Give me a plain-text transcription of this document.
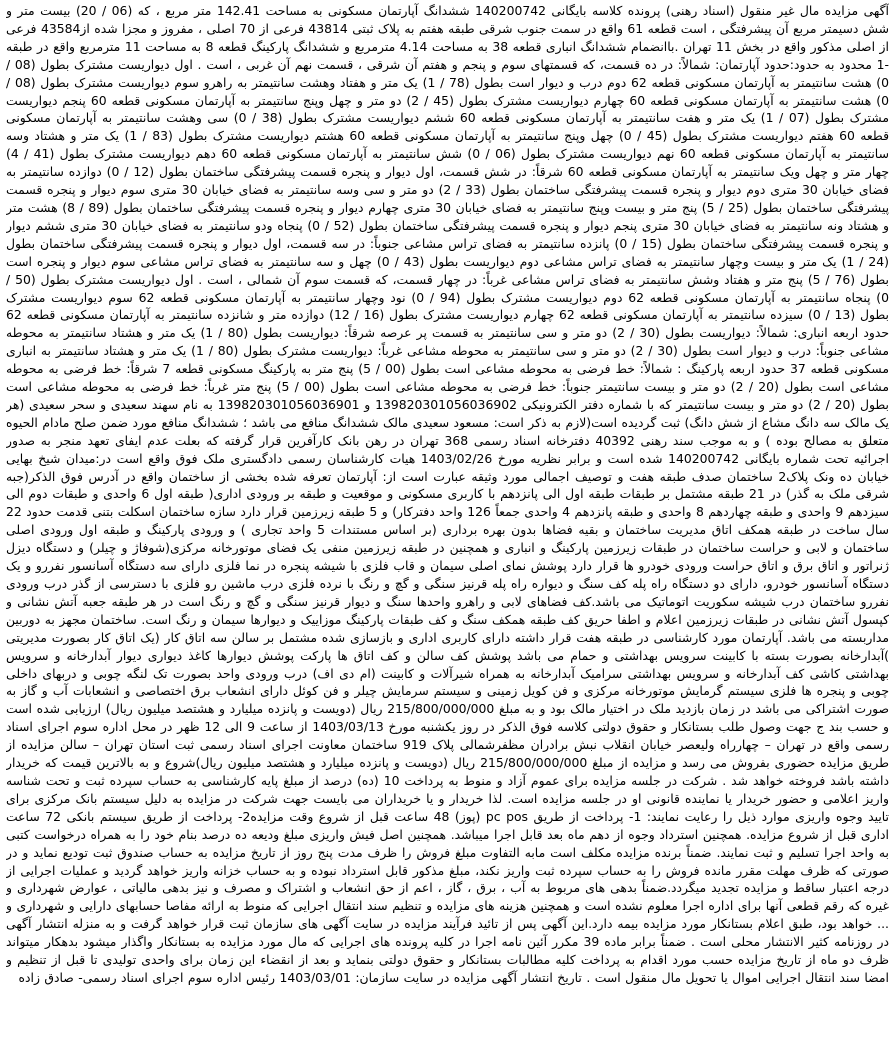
آگهی مزایده مال غیر منقول (اسناد رهنی) پرونده کلاسه بایگانی 140200742 ششدانگ آپارتمان مسکونی به مساحت 142.41 متر مربع ، که (06 / 20) بیست متر و شش دسیمتر مربع آن پیشرفتگی ، است قطعه 61 واقع در سمت جنوب شرقی طبقه هفتم به پلاک ثبتی 43814 فرعی از 70 اصلی ، مفروز و مجزا شده از43584 فرعی از اصلی مذکور واقع در بخش 11 تهران .باانضمام ششدانگ انباری قطعه 38 به مساحت 4.14 مترمربع و ششدانگ پارکینگ قطعه 8 به مساحت 11 مترمربع واقع در طبقه -1 محدود به حدود:حدود آپارتمان: شمالاً: در ده قسمت، که قسمتهای سوم و پنجم و هفتم آن شرقی ، قسمت نهم آن غربی ، است . اول دیواریست مشترک بطول (08 / 0) هشت سانتیمتر به آپارتمان مسکونی قطعه 62 دوم درب و دیوار است بطول (78 / 1) یک متر و هفتاد وهشت سانتیمتر به راهرو سوم دیواریست مشترک بطول (08 / 0) هشت سانتیمتر به آپارتمان مسکونی قطعه 60 چهارم دیواریست مشترک بطول (45 / 2) دو متر و چهل وپنج سانتیمتر به آپارتمان مسکونی قطعه 60 پنجم دیواریست مشترک بطول (07 / 1) یک متر و هفت سانتیمتر به آپارتمان مسکونی قطعه 60 ششم دیواریست مشترک بطول (38 / 0) سی وهشت سانتیمتر به آپارتمان مسکونی قطعه 60 هفتم دیواریست مشترک بطول (45 / 0) چهل وپنج سانتیمتر به آپارتمان مسکونی قطعه 60 هشتم دیواریست مشترک بطول (83 / 1) یک متر و هشتاد وسه سانتیمتر به آپارتمان مسکونی قطعه 60 نهم دیواریست مشترک بطول (06 / 0) شش سانتیمتر به آپارتمان مسکونی قطعه 60 دهم دیواریست مشترک بطول (41 / 4) چهار متر و چهل ویک سانتیمتر به آپارتمان مسکونی قطعه 60 شرقاً: در شش قسمت، اول دیوار و پنجره قسمت پیشرفتگی ساختمان بطول (12 / 0) دوازده سانتیمتر به فضای خیابان 30 متری دوم دیوار و پنجره قسمت پیشرفتگی ساختمان بطول (33 / 2) دو متر و سی وسه سانتیمتر به فضای خیابان 30 متری سوم دیوار و پنجره قسمت پیشرفتگی ساختمان بطول (25 / 5) پنج متر و بیست وپنج سانتیمتر به فضای خیابان 30 متری چهارم دیوار و پنجره قسمت پیشرفتگی ساختمان بطول (89 / 8) هشت متر و هشتاد ونه سانتیمتر به فضای خیابان 30 متری پنجم دیوار و پنجره قسمت پیشرفتگی ساختمان بطول (52 / 0) پنجاه ودو سانتیمتر به فضای خیابان 30 متری ششم دیوار و پنجره قسمت پیشرفتگی ساختمان بطول (15 / 0) پانزده سانتیمتر به فضای تراس مشاعی جنوباً: در سه قسمت، اول دیوار و پنجره قسمت پیشرفتگی ساختمان بطول (24 / 1) یک متر و بیست وچهار سانتیمتر به فضای تراس مشاعی دوم دیواریست بطول (43 / 0) چهل و سه سانتیمتر به فضای تراس مشاعی سوم دیوار و پنجره است بطول (76 / 5) پنج متر و هفتاد وشش سانتیمتر به فضای تراس مشاعی غرباً: در چهار قسمت، که قسمت سوم آن شمالی ، است . اول دیواریست مشترک بطول (50 / 0) پنجاه سانتیمتر به آپارتمان مسکونی قطعه 62 دوم دیواریست مشترک بطول (94 / 0) نود وچهار سانتیمتر به آپارتمان مسکونی قطعه 62 سوم دیواریست مشترک بطول (13 / 0) سیزده سانتیمتر به آپارتمان مسکونی قطعه 62 چهارم دیواریست مشترک بطول (16 / 12) دوازده متر و شانزده سانتیمتر به آپارتمان مسکونی قطعه 62 حدود اربعه انباری: شمالاً: دیواریست بطول (30 / 2) دو متر و سی سانتیمتر به قسمت پر عرصه شرقاً: دیواریست بطول (80 / 1) یک متر و هشتاد سانتیمتر به محوطه مشاعی جنوباً: درب و دیوار است بطول (30 / 2) دو متر و سی سانتیمتر به محوطه مشاعی غرباً: دیواریست مشترک بطول (80 / 1) یک متر و هشتاد سانتیمتر به انباری مسکونی قطعه 37 حدود اربعه پارکینگ : شمالاً: خط فرضی به محوطه مشاعی است بطول (00 / 5) پنج متر به پارکینگ مسکونی قطعه 7 شرقاً: خط فرضی به محوطه مشاعی است بطول (20 / 2) دو متر و بیست سانتیمتر جنوباً: خط فرضی به محوطه مشاعی است بطول (00 / 5) پنج متر غرباً: خط فرضی به محوطه مشاعی است بطول (20 / 2) دو متر و بیست سانتیمتر که با شماره دفتر الکترونیکی 139820301056036902 و 139820301056036901 به نام سهند سعیدی و سحر سعیدی (هر یک مالک سه دانگ مشاع از شش دانگ) ثبت گردیده است(لازم به ذکر است: مسعود سعیدی مالک ششدانگ منافع می باشد ؛ ششدانگ منافع مورد ضمن صلح مادام الحیوه متعلق به مصالح بوده ) و به موجب سند رهنی 40392 دفترخانه اسناد رسمی 368 تهران در رهن بانک کارآفرین قرار گرفته که بعلت عدم ایفای تعهد منجر به صدور اجرائیه تحت شماره بایگانی 140200742 شده است و برابر نظریه مورخ 1403/02/26 هیات کارشناسان رسمی دادگستری ملک فوق واقع است در:میدان شیخ بهایی خیابان ده ونک پلاک2 ساختمان صدف طبقه هفت و توصیف اجمالی مورد وثیقه عبارت است از: آپارتمان تعرفه شده بخشی از ساختمان واقع در آدرس فوق الذکر(جبه شرقی ملک به گذر) در 21 طبقه مشتمل بر طبقات طبقه اول الی پانزدهم با کاربری مسکونی و موقعیت و طبقه بر ورودی اداری( طبقه اول 6 واحدی و طبقات دوم الی سیزدهم 9 واحدی و طبقه چهاردهم 8 واحدی و طبقه پانزدهم 4 واحدی جمعاً 126 واحد دفترکار) و 5 طبقه زیرزمین قرار دارد سازه ساختمان اسکلت بتنی قدمت حدود 22 سال ساخت در طبقه همکف اتاق مدیریت ساختمان و بقیه فضاها بدون بهره برداری (بر اساس مستندات 5 واحد تجاری ) و ورودی پارکینگ و طبقه اول ورودی اصلی ساختمان و لابی و حراست ساختمان در طبقات زیرزمین پارکینگ و انباری و همچنین در طبقه زیرزمین منفی یک فضای موتورخانه مرکزی(شوفاژ و چیلر) و دستگاه دیزل ژنراتور و اتاق برق و اتاق حراست ورودی خودرو ها قرار دارد پوشش نمای اصلی سیمان و قاب فلزی با شیشه پنجره در نما فلزی دارای سه دستگاه آسانسور نفررو و یک دستگاه آسانسور خودرو، دارای دو دستگاه راه پله کف سنگ و دیواره راه پله قرنیز سنگی و گچ و رنگ با نرده فلزی درب ماشین رو فلزی با دسترسی از گذر درب ورودی نفررو ساختمان درب شیشه سکوریت اتوماتیک می باشد.کف فضاهای لابی و راهرو واحدها سنگ و دیوار قرنیز سنگی و گچ و رنگ است در هر طبقه جعبه آتش نشانی و کپسول آتش نشانی در طبقات زیرزمین اعلام و اطفا حریق کف طبقه همکف سنگ و کف طبقات پارکینگ موزاییک و دیوارها سیمان و رنگ است. ساختمان مجهز به دوربین مداربسته می باشد. آپارتمان مورد کارشناسی در طبقه هفت قرار داشته دارای کاربری اداری و بازسازی شده مشتمل بر سالن سه اتاق کار (یک اتاق کار بصورت مدیریتی )آبدارخانه بصورت بسته با کابینت سرویس بهداشتی و حمام می باشد پوشش کف سالن و کف اتاق ها پارکت پوشش دیوارها کاغذ دیواری دیوار آبدارخانه و سرویس بهداشتی کاشی کف آبدارخانه و سرویس بهداشتی سرامیک آبدارخانه به همراه شیرآلات و کابینت (ام دی اف) درب ورودی واحد بصورت تک لنگه چوبی و دربهای داخلی چوبی و پنجره ها فلزی سیستم گرمایش موتورخانه مرکزی و فن کویل زمینی و سیستم سرمایش چیلر و فن کوئل دارای انشعاب برق اختصاصی و انشعابات آب و گاز به صورت اشتراکی می باشد در زمان بازدید ملک در اختیار مالک بود و به مبلغ 215/800/000/000 ریال (دویست و پانزده میلیارد و هشتصد میلیون ریال) ارزیابی شده است و حسب بند ج جهت وصول طلب بستانکار و حقوق دولتی کلاسه فوق الذکر در روز یکشنبه مورخ 1403/03/13 از ساعت 9 الی 12 ظهر در محل اداره سوم اجرای اسناد رسمی واقع در تهران – چهارراه ولیعصر خیابان انقلاب نبش برادران مظفرشمالی پلاک 919 ساختمان معاونت اجرای اسناد رسمی ثبت استان تهران – سالن مزایده از طریق مزایده حضوری بفروش می رسد و مزایده از مبلغ 215/800/000/000 ریال (دویست و پانزده میلیارد و هشتصد میلیون ریال)شروع و به بالاترین قیمت که خریدار داشته باشد فروخته خواهد شد . شرکت در جلسه مزایده برای عموم آزاد و منوط به پرداخت 10 (ده) درصد از مبلغ پایه کارشناسی به حساب سپرده ثبت و تحت شناسه واریز اعلامی و حضور خریدار یا نماینده قانونی او در جلسه مزایده است. لذا خریدار و یا خریداران می بایست جهت شرکت در مزایده به دلیل سیستم بانک مرکزی برای تایید وجوه واریزی موارد ذیل را رعایت نمایند: 1- پرداخت از طریق pc pos (پوز) 48 ساعت قبل از شروع وقت مزایده2- پرداخت از طریق سیستم بانکی 72 ساعت اداری قبل از شروع مزایده. همچنین استرداد وجوه از دهم ماه بعد قابل اجرا میباشد. همچنین اصل فیش واریزی مبلغ ودیعه ده درصد بنام خود را به همراه درخواست کتبی به واحد اجرا تسلیم و ثبت نمایند. ضمناً برنده مزایده مکلف است مابه التفاوت مبلغ فروش را ظرف مدت پنج روز از تاریخ مزایده به حساب صندوق ثبت تودیع نماید و در صورتی که ظرف مهلت مقرر مانده فروش را به حساب سپرده ثبت واریز نکند، مبلغ مذکور قابل استرداد نبوده و به حساب خزانه واریز خواهد گردید و عملیات اجرایی از درجه اعتبار ساقط و مزایده تجدید میگردد.ضمناً بدهی های مربوط به آب ، برق ، گاز ، اعم از حق انشعاب و اشتراک و مصرف و نیز بدهی مالیاتی ، عوارض شهرداری و غیره که رقم قطعی آنها برای اداره اجرا معلوم نشده است و همچنین هزینه های مزایده و تنظیم سند انتقال اجرایی که منوط به ارائه مفاصا حسابهای دارایی و شهرداری و ... خواهد بود، طبق اعلام بستانکار مورد مزایده بیمه دارد.این آگهی پس از تائید فرآیند مزایده در سایت آگهی های سازمان ثبت قرار خواهد گرفت و به منزله انتشار آگهی در روزنامه کثیر الانتشار محلی است . ضمناً برابر ماده 39 مکرر آئین نامه اجرا در کلیه پرونده های اجرایی که مال مورد مزایده به بستانکار واگذار میشود بدهکار میتواند ظرف دو ماه از تاریخ مزایده حسب مورد اقدام به پرداخت کلیه مطالبات بستانکار و حقوق دولتی بنماید و بعد از انقضاء این زمان برای واحدی تولیدی تا قبل از تنظیم و امضا سند انتقال اجرایی اموال یا تحویل مال منقول است . تاریخ انتشار آگهی مزایده در سایت سازمان: 1403/03/01 رئیس اداره سوم اجرای اسناد رسمی- صادق زاده
